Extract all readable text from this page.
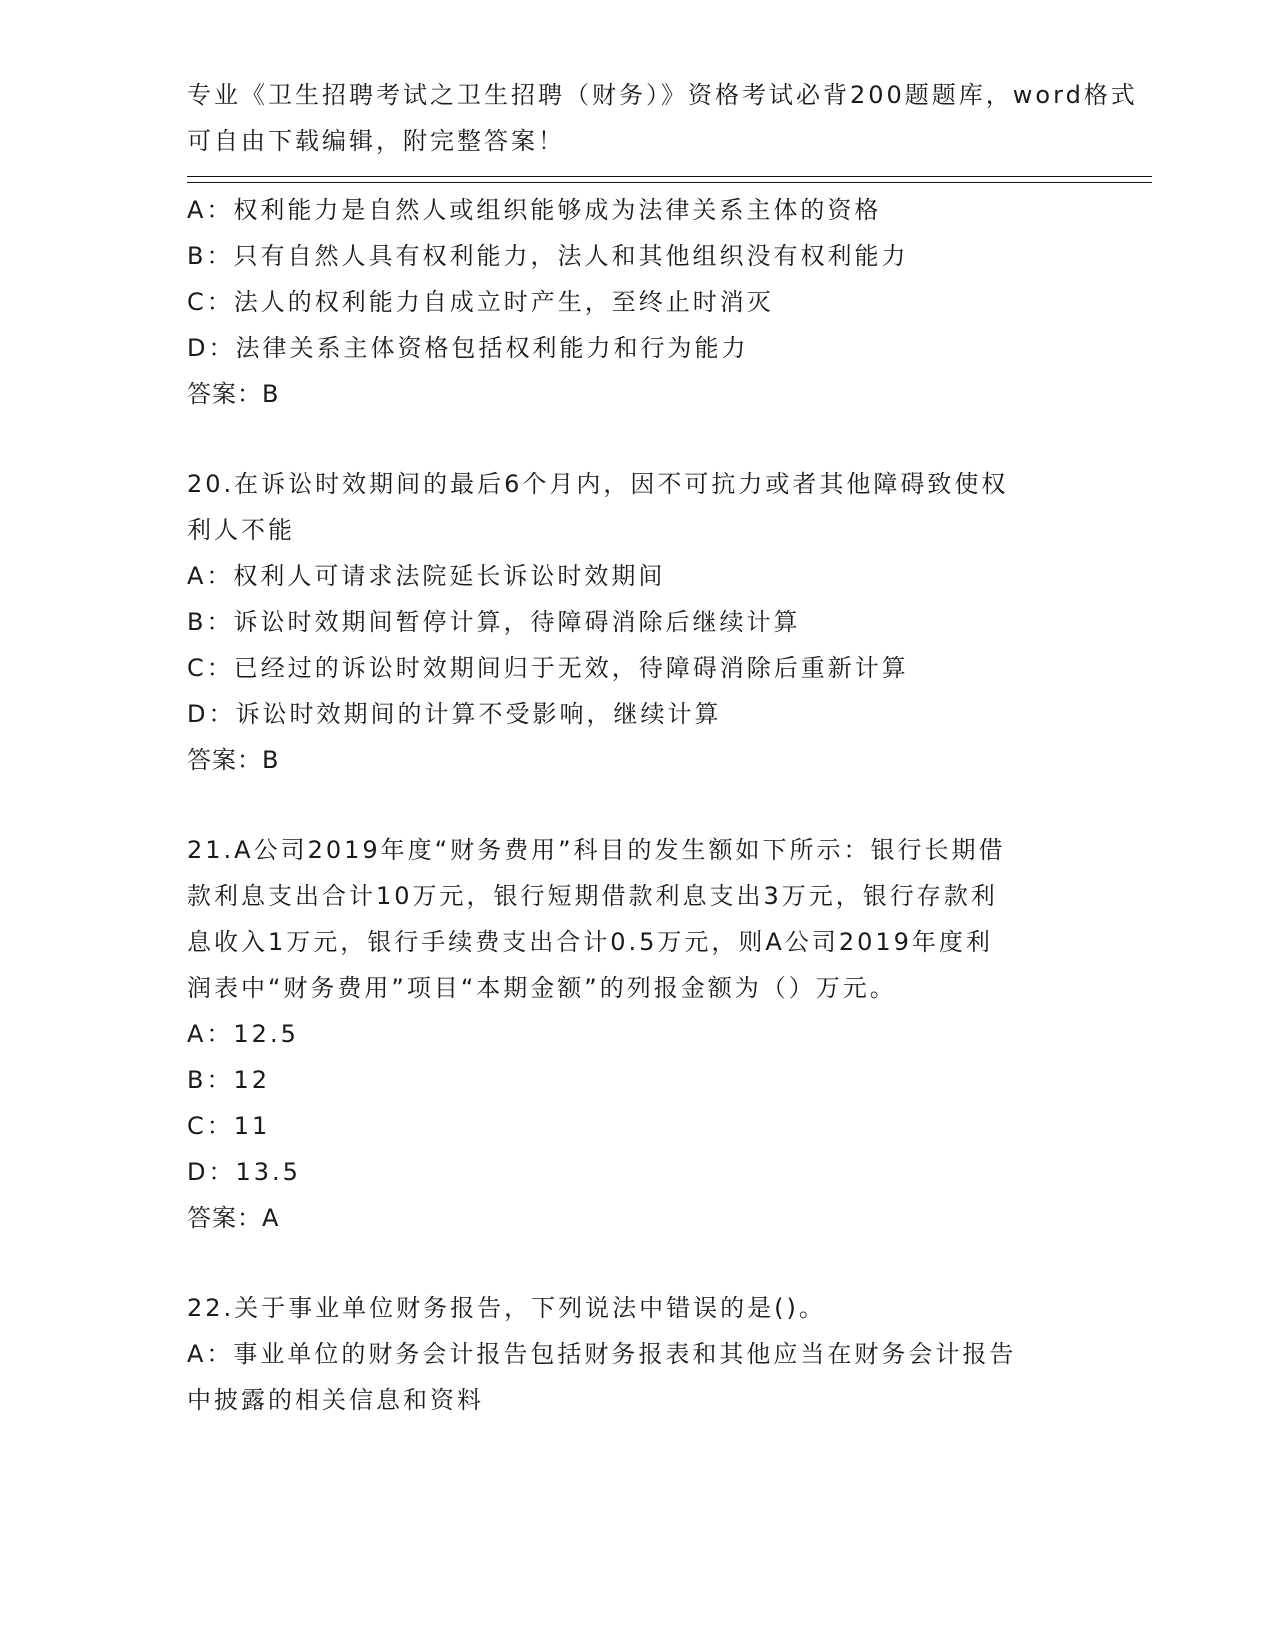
专业《卫生招聘考试之卫生招聘（财务）》资格考试必背200题题库，word格式
可自由下载编辑，附完整答案！
A：权利能力是自然人或组织能够成为法律关系主体的资格
B：只有自然人具有权利能力，法人和其他组织没有权利能力
C：法人的权利能力自成立时产生，至终止时消灭
D：法律关系主体资格包括权利能力和行为能力
答案：B
20.在诉讼时效期间的最后6个月内，因不可抗力或者其他障碍致使权
利人不能
A：权利人可请求法院延长诉讼时效期间
B：诉讼时效期间暂停计算，待障碍消除后继续计算
C：已经过的诉讼时效期间归于无效，待障碍消除后重新计算
D：诉讼时效期间的计算不受影响，继续计算
答案：B
21.A公司2019年度“财务费用”科目的发生额如下所示：银行长期借
款利息支出合计10万元，银行短期借款利息支出3万元，银行存款利
息收入1万元，银行手续费支出合计0.5万元，则A公司2019年度利
润表中“财务费用”项目“本期金额”的列报金额为（）万元。
A：12.5
B：12
C：11
D：13.5
答案：A
22.关于事业单位财务报告，下列说法中错误的是()。
A：事业单位的财务会计报告包括财务报表和其他应当在财务会计报告
中披露的相关信息和资料
